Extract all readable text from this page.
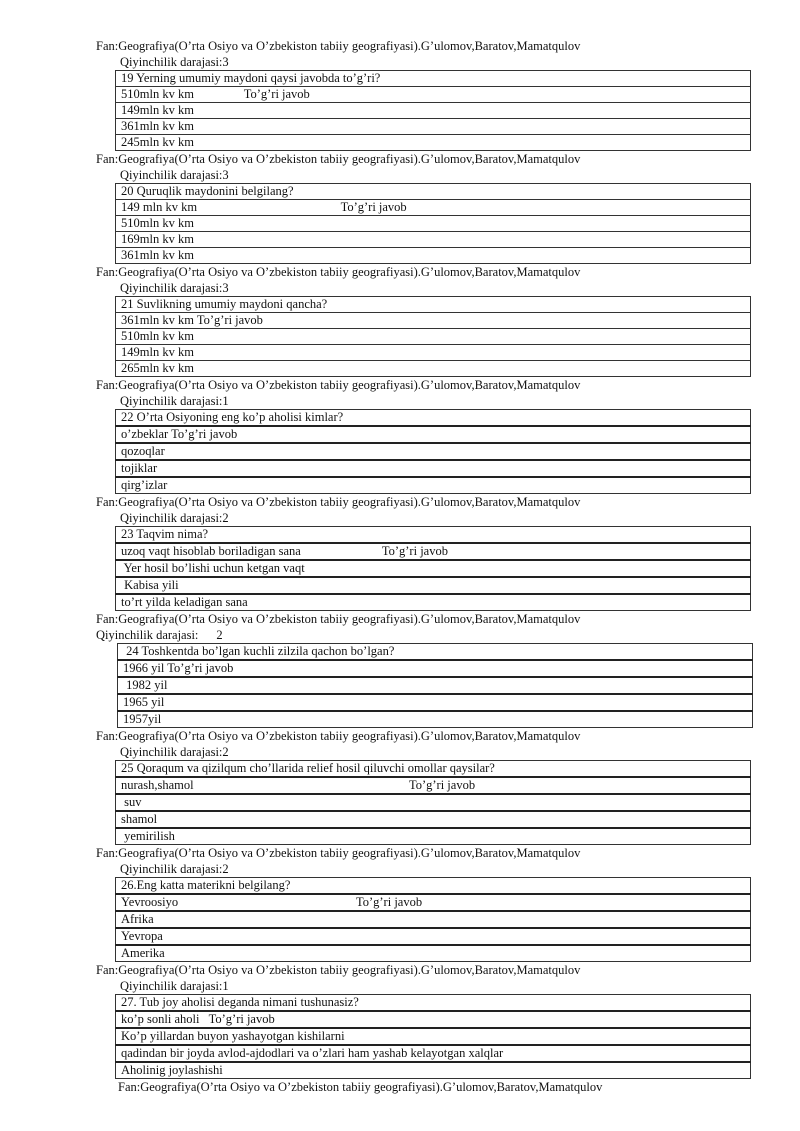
Fan:Geografiya(O’rta Osiyo va O’zbekiston tabiiy geografiyasi).G’ulomov,Baratov,Mamatqulov
Qiyinchilik darajasi:3
19 Yerning umumiy maydoni qaysi javobda to’g’ri?
510mln kv km                To’g’ri javob
149mln kv km
361mln kv km
245mln kv km
Fan:Geografiya(O’rta Osiyo va O’zbekiston tabiiy geografiyasi).G’ulomov,Baratov,Mamatqulov
Qiyinchilik darajasi:3
20 Quruqlik maydonini belgilang?
149 mln kv km                                              To’g’ri javob
510mln kv km
169mln kv km
361mln kv km
Fan:Geografiya(O’rta Osiyo va O’zbekiston tabiiy geografiyasi).G’ulomov,Baratov,Mamatqulov
Qiyinchilik darajasi:3
21 Suvlikning umumiy maydoni qancha?
361mln kv km To’g’ri javob
510mln kv km
149mln kv km
265mln kv km
Fan:Geografiya(O’rta Osiyo va O’zbekiston tabiiy geografiyasi).G’ulomov,Baratov,Mamatqulov
Qiyinchilik darajasi:1
22 O’rta Osiyoning eng ko’p aholisi kimlar?
o’zbeklar To’g’ri javob
qozoqlar
tojiklar
qirg’izlar
Fan:Geografiya(O’rta Osiyo va O’zbekiston tabiiy geografiyasi).G’ulomov,Baratov,Mamatqulov
Qiyinchilik darajasi:2
23 Taqvim nima?
uzoq vaqt hisoblab boriladigan sana                          To’g’ri javob
Yer hosil bo’lishi uchun ketgan vaqt
Kabisa yili
to’rt yilda keladigan sana
Fan:Geografiya(O’rta Osiyo va O’zbekiston tabiiy geografiyasi).G’ulomov,Baratov,Mamatqulov
Qiyinchilik darajasi: 2
24 Toshkentda bo’lgan kuchli zilzila qachon bo’lgan?
1966 yil To’g’ri javob
1982 yil
1965 yil
1957yil
Fan:Geografiya(O’rta Osiyo va O’zbekiston tabiiy geografiyasi).G’ulomov,Baratov,Mamatqulov
Qiyinchilik darajasi:2
25 Qoraqum va qizilqum cho’llarida relief hosil qiluvchi omollar qaysilar?
nurash,shamol                                                                     To’g’ri javob
suv
shamol
yemirilish
Fan:Geografiya(O’rta Osiyo va O’zbekiston tabiiy geografiyasi).G’ulomov,Baratov,Mamatqulov
Qiyinchilik darajasi:2
26.Eng katta materikni belgilang?
Yevroosiyo                                                         To’g’ri javob
Afrika
Yevropa
Amerika
Fan:Geografiya(O’rta Osiyo va O’zbekiston tabiiy geografiyasi).G’ulomov,Baratov,Mamatqulov
Qiyinchilik darajasi:1
27. Tub joy aholisi deganda nimani tushunasiz?
ko’p sonli aholi   To’g’ri javob
Ko’p yillardan buyon yashayotgan kishilarni
qadindan bir joyda avlod-ajdodlari va o’zlari ham yashab kelayotgan xalqlar
Aholinig joylashishi
Fan:Geografiya(O’rta Osiyo va O’zbekiston tabiiy geografiyasi).G’ulomov,Baratov,Mamatqulov
